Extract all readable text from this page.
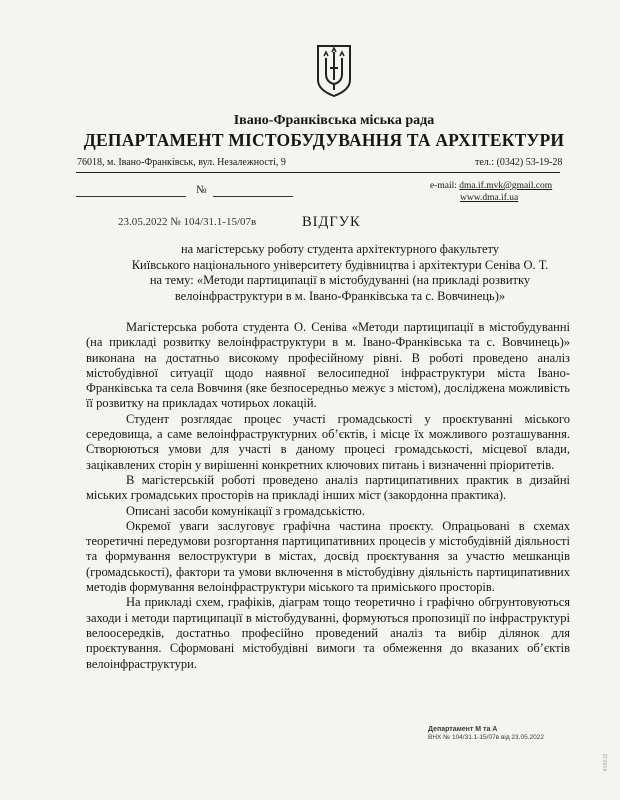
Івано-Франківська міська рада
ДЕПАРТАМЕНТ МІСТОБУДУВАННЯ ТА АРХІТЕКТУРИ
76018, м. Івано-Франківськ, вул. Незалежності, 9	тел.: (0342) 53-19-28
№	e-mail: dma.if.mvk@gmail.com
www.dma.if.ua
23.05.2022 № 104/31.1-15/07в	ВІДГУК
на магістерську роботу студента архітектурного факультету
Київського національного університету будівництва і архітектури Сеніва О. Т.
на тему: «Методи партиципації в містобудуванні (на прикладі розвитку
велоінфраструктури в м. Івано-Франківська та с. Вовчинець)»

Магістерська робота студента О. Сеніва «Методи партиципації в містобудуванні (на прикладі розвитку велоінфраструктури в м. Івано-Франківська та с. Вовчинець)» виконана на достатньо високому професійному рівні. В роботі проведено аналіз містобудівної ситуації щодо наявної велосипедної інфраструктури міста Івано-Франківська та села Вовчиня (яке безпосередньо межує з містом), досліджена можливість її розвитку на прикладах чотирьох локацій.

Студент розглядає процес участі громадськості у проєктуванні міського середовища, а саме велоінфраструктурних об’єктів, і місце їх можливого розташування. Створюються умови для участі в даному процесі громадськості, місцевої влади, зацікавлених сторін у вирішенні конкретних ключових питань і визначенні пріоритетів.

В магістерській роботі проведено аналіз партиципативних практик в дизайні міських громадських просторів на прикладі інших міст (закордонна практика).

Описані засоби комунікації з громадськістю.

Окремої уваги заслуговує графічна частина проєкту. Опрацьовані в схемах теоретичні передумови розгортання партиципативних процесів у містобудівній діяльності та формування велоструктури в містах, досвід проєктування за участю мешканців (громадськості), фактори та умови включення в містобудівну діяльність партиципативних методів формування велоінфраструктури міського та приміського просторів.

На прикладі схем, графіків, діаграм тощо теоретично і графічно обгрунтовуються заходи і методи партиципації в містобудуванні, формуються пропозиції по інфраструктурі велоосередків, достатньо професійно проведений аналіз та вибір ділянок для проєктування. Сформовані містобудівні вимоги та обмеження до вказаних об’єктів велоінфраструктури.

Департамент М та А
ВНХ № 104/31.1-15/07в від 23.05.2022
03.02.22
